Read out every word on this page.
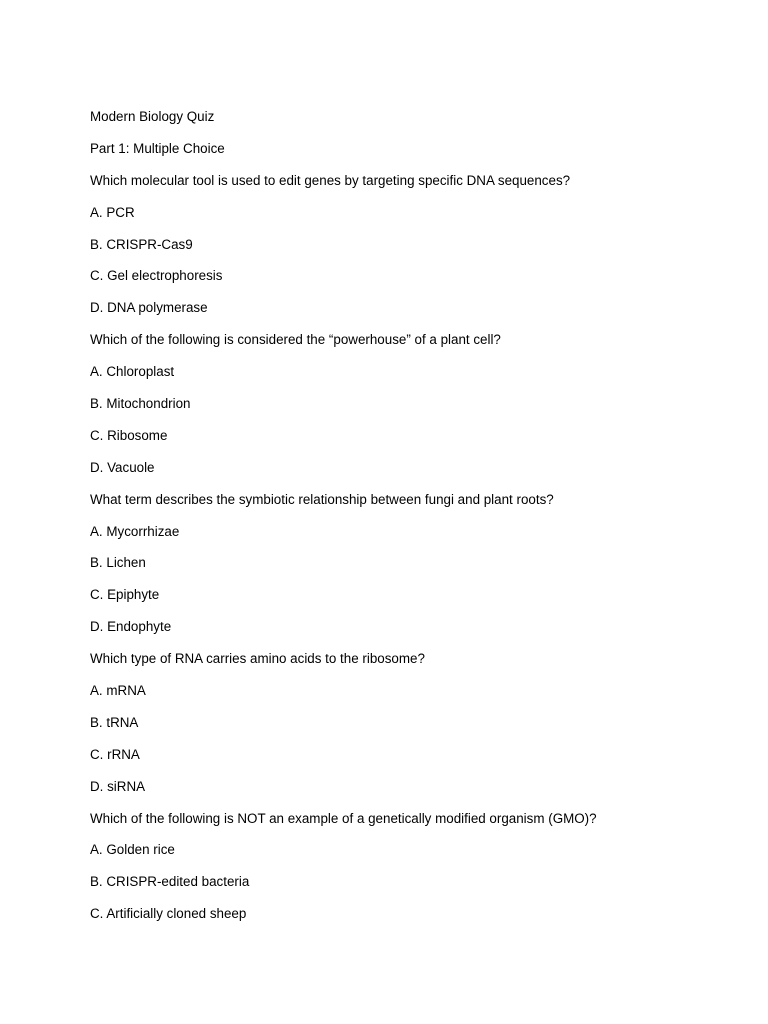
Modern Biology Quiz
Part 1: Multiple Choice
Which molecular tool is used to edit genes by targeting specific DNA sequences?
A. PCR
B. CRISPR-Cas9
C. Gel electrophoresis
D. DNA polymerase
Which of the following is considered the “powerhouse” of a plant cell?
A. Chloroplast
B. Mitochondrion
C. Ribosome
D. Vacuole
What term describes the symbiotic relationship between fungi and plant roots?
A. Mycorrhizae
B. Lichen
C. Epiphyte
D. Endophyte
Which type of RNA carries amino acids to the ribosome?
A. mRNA
B. tRNA
C. rRNA
D. siRNA
Which of the following is NOT an example of a genetically modified organism (GMO)?
A. Golden rice
B. CRISPR-edited bacteria
C. Artificially cloned sheep
